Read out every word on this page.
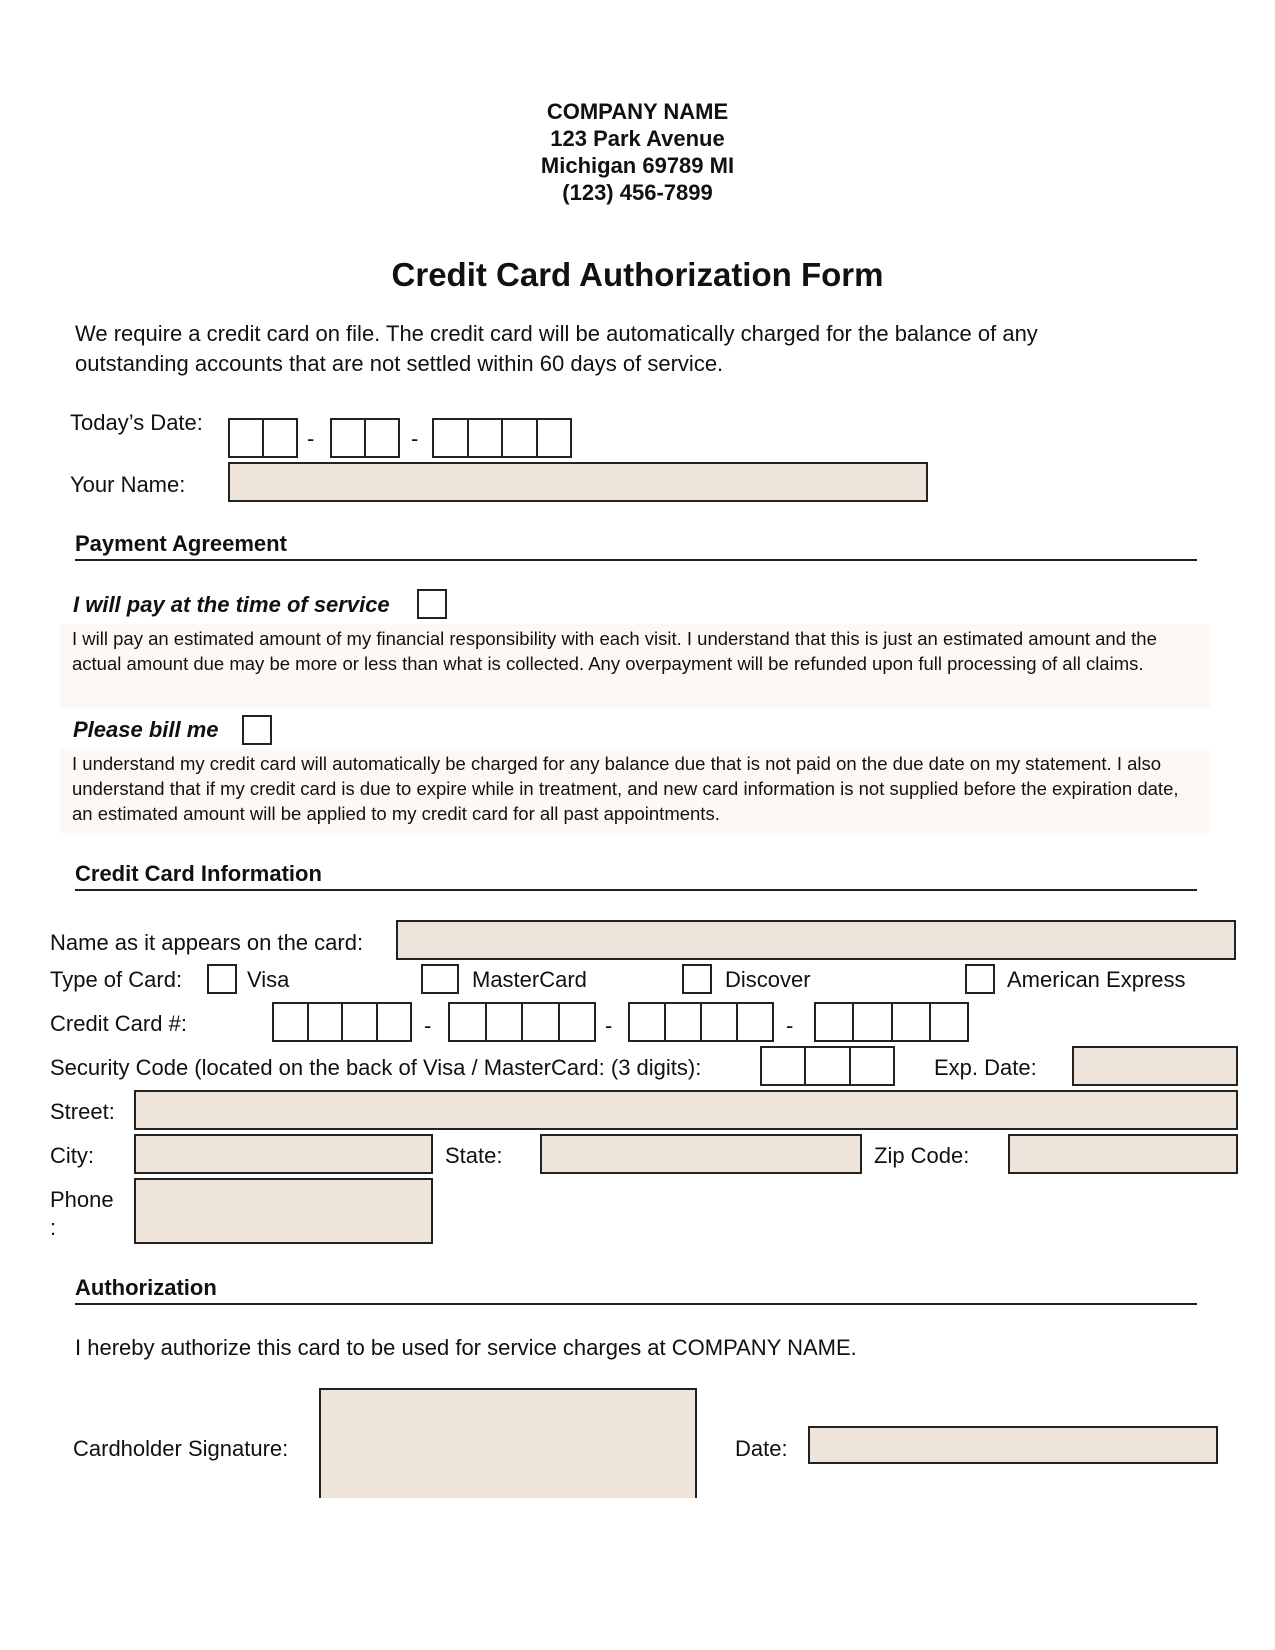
COMPANY NAME
123 Park Avenue
Michigan 69789 MI
(123) 456-7899
Credit Card Authorization Form
We require a credit card on file. The credit card will be automatically charged for the balance of any
outstanding accounts that are not settled within 60 days of service.
Today’s Date:
-	-
Your Name:
Payment Agreement
I will pay at the time of service
I will pay an estimated amount of my financial responsibility with each visit. I understand that this is just an estimated amount and the actual amount due may be more or less than what is collected. Any overpayment will be refunded upon full processing of all claims.
Please bill me
I understand my credit card will automatically be charged for any balance due that is not paid on the due date on my statement. I also understand that if my credit card is due to expire while in treatment, and new card information is not supplied before the expiration date, an estimated amount will be applied to my credit card for all past appointments.
Credit Card Information
Name as it appears on the card:
Type of Card:	Visa	MasterCard	Discover	American Express
Credit Card #:	-	-	-
Security Code (located on the back of Visa / MasterCard: (3 digits):	Exp. Date:
Street:
City:	State:	Zip Code:
Phone
:
Authorization
I hereby authorize this card to be used for service charges at COMPANY NAME.
Cardholder Signature:	Date:
